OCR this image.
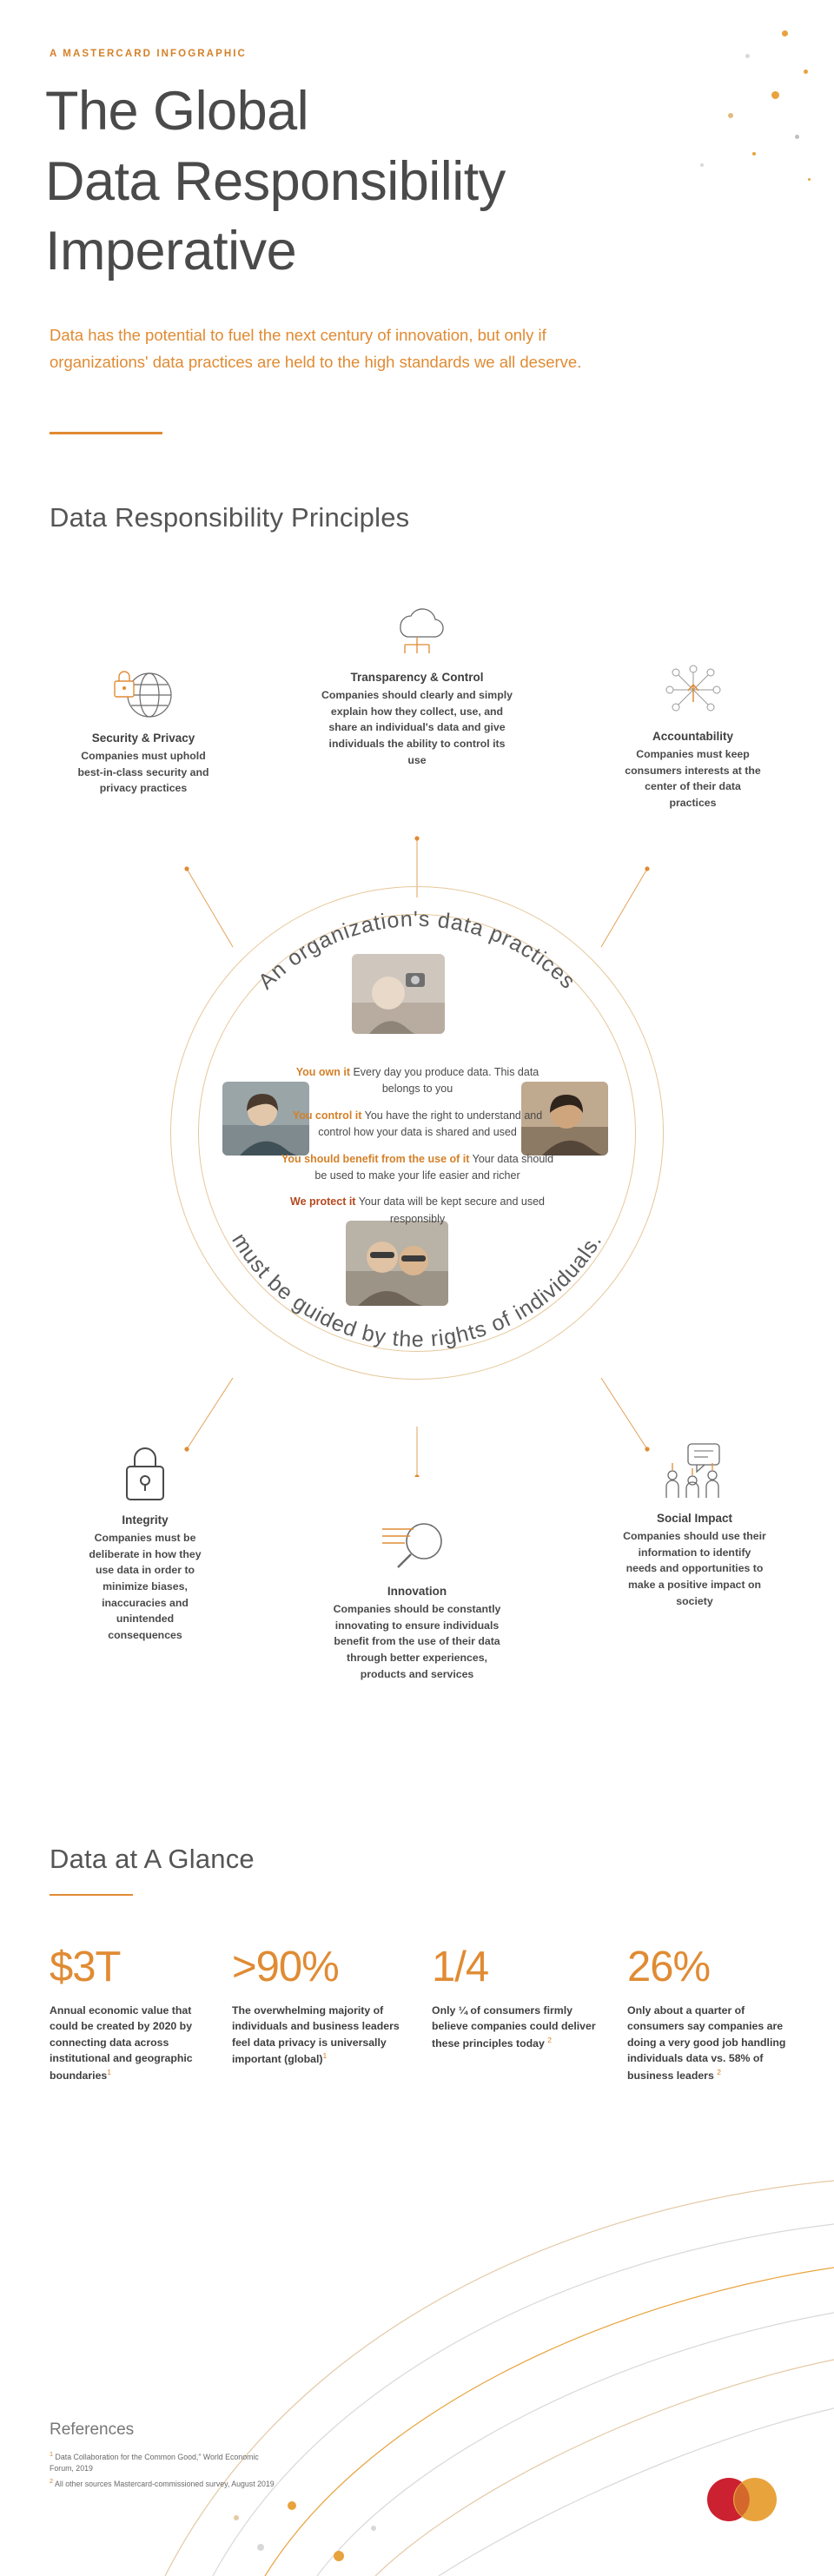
A MASTERCARD INFOGRAPHIC
The Global
Data Responsibility
Imperative
Data has the potential to fuel the next century of innovation, but only if organizations' data practices are held to the high standards we all deserve.
Data Responsibility Principles
Security & Privacy
Companies must uphold best-in-class security and privacy practices
Transparency & Control
Companies should clearly and simply explain how they collect, use, and share an individual's data and give individuals the ability to control its use
Accountability
Companies must keep consumers interests at the center of their data practices
An organization's data practices
must be guided by the rights of individuals.

You own it Every day you produce data. This data belongs to you

You control it You have the right to understand and control how your data is shared and used

You should benefit from the use of it Your data should be used to make your life easier and richer

We protect it Your data will be kept secure and used responsibly

Integrity
Companies must be deliberate in how they use data in order to minimize biases, inaccuracies and unintended consequences
Innovation
Companies should be constantly innovating to ensure individuals benefit from the use of their data through better experiences, products and services
Social Impact
Companies should use their information to identify needs and opportunities to make a positive impact on society
Data at A Glance
$3T
Annual economic value that could be created by 2020 by connecting data across institutional and geographic boundaries$^1$
>90%
The overwhelming majority of individuals and business leaders feel data privacy is universally important (global)$^1$
1/4
Only ¼ of consumers firmly believe companies could deliver these principles today $^2$
26%
Only about a quarter of consumers say companies are doing a very good job handling individuals data vs. 58% of business leaders $^2$
References

$^1$ Data Collaboration for the Common Good," World Economic Forum, 2019

$^2$ All other sources Mastercard-commissioned survey, August 2019
